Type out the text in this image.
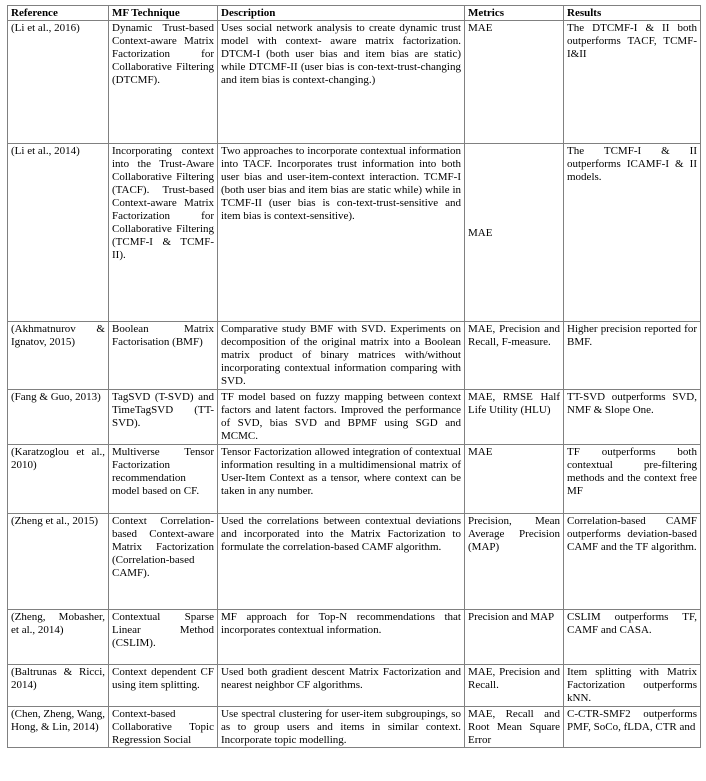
Reference	MF Technique	Description	Metrics	Results
(Li et al., 2016)	Dynamic Trust-based Context-aware Matrix Factorization for Collaborative Filtering (DTCMF).	Uses social network analysis to create dynamic trust model with context- aware matrix factorization. DTCM-I (both user bias and item bias are static) while DTCMF-II (user bias is con-text-trust-changing and item bias is context-changing.)	MAE	The DTCMF-I & II both outperforms TACF, TCMF-I&II
(Li et al., 2014)	Incorporating context into the Trust-Aware Collaborative Filtering (TACF). Trust-based Context-aware Matrix Factorization for Collaborative Filtering (TCMF-I & TCMF-II).	Two approaches to incorporate contextual information into TACF. Incorporates trust information into both user bias and user-item-context interaction. TCMF-I (both user bias and item bias are static while) while in TCMF-II (user bias is con-text-trust-sensitive and item bias is context-sensitive).	MAE	The TCMF-I & II outperforms ICAMF-I & II models.
(Akhmatnurov & Ignatov, 2015)	Boolean Matrix Factorisation (BMF)	Comparative study BMF with SVD. Experiments on decomposition of the original matrix into a Boolean matrix product of binary matrices with/without incorporating contextual information comparing with SVD.	MAE, Precision and Recall, F-measure.	Higher precision reported for BMF.
(Fang & Guo, 2013)	TagSVD (T-SVD) and TimeTagSVD (TT-SVD).	TF model based on fuzzy mapping between context factors and latent factors. Improved the performance of SVD, bias SVD and BPMF using SGD and MCMC.	MAE, RMSE Half Life Utility (HLU)	TT-SVD outperforms SVD, NMF & Slope One.
(Karatzoglou et al., 2010)	Multiverse Tensor Factorization recommendation model based on CF.	Tensor Factorization allowed integration of contextual information resulting in a multidimensional matrix of User-Item Context as a tensor, where context can be taken in any number.	MAE	TF outperforms both contextual pre-filtering methods and the context free MF
(Zheng et al., 2015)	Context Correlation-based Context-aware Matrix Factorization (Correlation-based CAMF).	Used the correlations between contextual deviations and incorporated into the Matrix Factorization to formulate the correlation-based CAMF algorithm.	Precision, Mean Average Precision (MAP)	Correlation-based CAMF outperforms deviation-based CAMF and the TF algorithm.
(Zheng, Mobasher, et al., 2014)	Contextual Sparse Linear Method (CSLIM).	MF approach for Top-N recommendations that incorporates contextual information.	Precision and MAP	CSLIM outperforms TF, CAMF and CASA.
(Baltrunas & Ricci, 2014)	Context dependent CF using item splitting.	Used both gradient descent Matrix Factorization and nearest neighbor CF algorithms.	MAE, Precision and Recall.	Item splitting with Matrix Factorization outperforms kNN.
(Chen, Zheng, Wang, Hong, & Lin, 2014)	Context-based Collaborative Topic Regression Social	Use spectral clustering for user-item subgroupings, so as to group users and items in similar context. Incorporate topic modelling.	MAE, Recall and Root Mean Square Error	C-CTR-SMF2 outperforms PMF, SoCo, fLDA, CTR and
